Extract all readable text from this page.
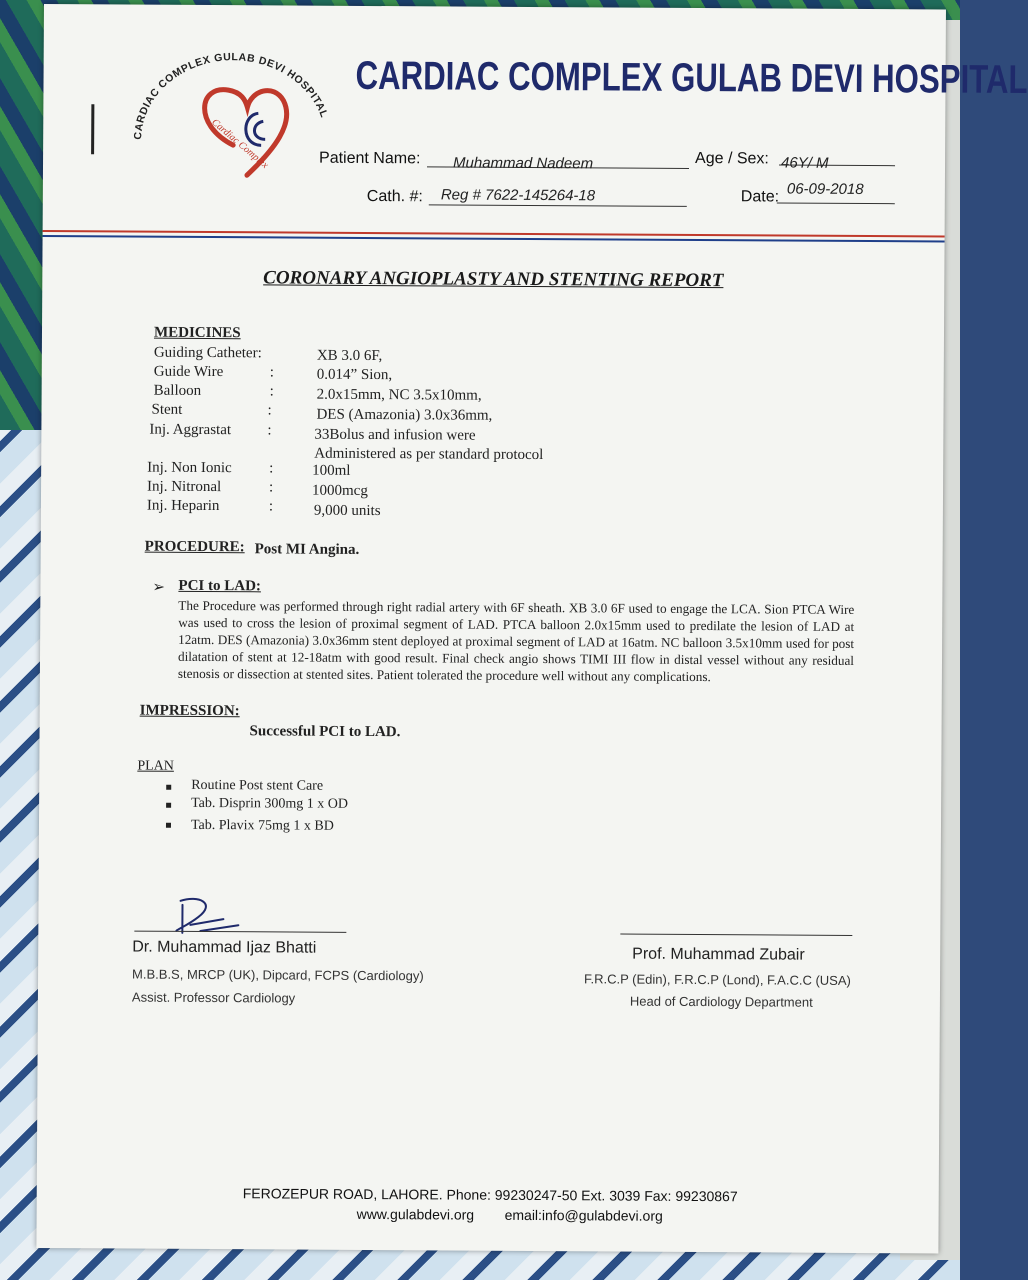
CARDIAC COMPLEX GULAB DEVI HOSPITAL
Cardiac Complex
CARDIAC COMPLEX GULAB DEVI HOSPITAL
Patient Name: Muhammad Nadeem	Age / Sex: 46Y/ M
Cath. #: Reg # 7622-145264-18	Date: 06-09-2018
CORONARY ANGIOPLASTY AND STENTING REPORT
MEDICINES
Guiding Catheter:	XB 3.0 6F,
Guide Wire	:	0.014” Sion,
Balloon	:	2.0x15mm, NC 3.5x10mm,
Stent	:	DES (Amazonia) 3.0x36mm,
Inj. Aggrastat :	33Bolus and infusion were
Administered as per standard protocol
Inj. Non Ionic :	100ml
Inj. Nitronal	:	1000mcg
Inj. Heparin	:	9,000 units
PROCEDURE: Post MI Angina.
➢ PCI to LAD:
The Procedure was performed through right radial artery with 6F sheath. XB 3.0 6F used to engage the LCA. Sion PTCA Wire was used to cross the lesion of proximal segment of LAD. PTCA balloon 2.0x15mm used to predilate the lesion of LAD at 12atm. DES (Amazonia) 3.0x36mm stent deployed at proximal segment of LAD at 16atm. NC balloon 3.5x10mm used for post dilatation of stent at 12-18atm with good result. Final check angio shows TIMI III flow in distal vessel without any residual stenosis or dissection at stented sites. Patient tolerated the procedure well without any complications.
IMPRESSION:
Successful PCI to LAD.
PLAN
Routine Post stent Care
Tab. Disprin 300mg 1 x OD
Tab. Plavix 75mg 1 x BD
Dr. Muhammad Ijaz Bhatti
M.B.B.S, MRCP (UK), Dipcard, FCPS (Cardiology)
Assist. Professor Cardiology
Prof. Muhammad Zubair
F.R.C.P (Edin), F.R.C.P (Lond), F.A.C.C (USA)
Head of Cardiology Department
FEROZEPUR ROAD, LAHORE. Phone: 99230247-50 Ext. 3039 Fax: 99230867
www.gulabdevi.org email:info@gulabdevi.org
